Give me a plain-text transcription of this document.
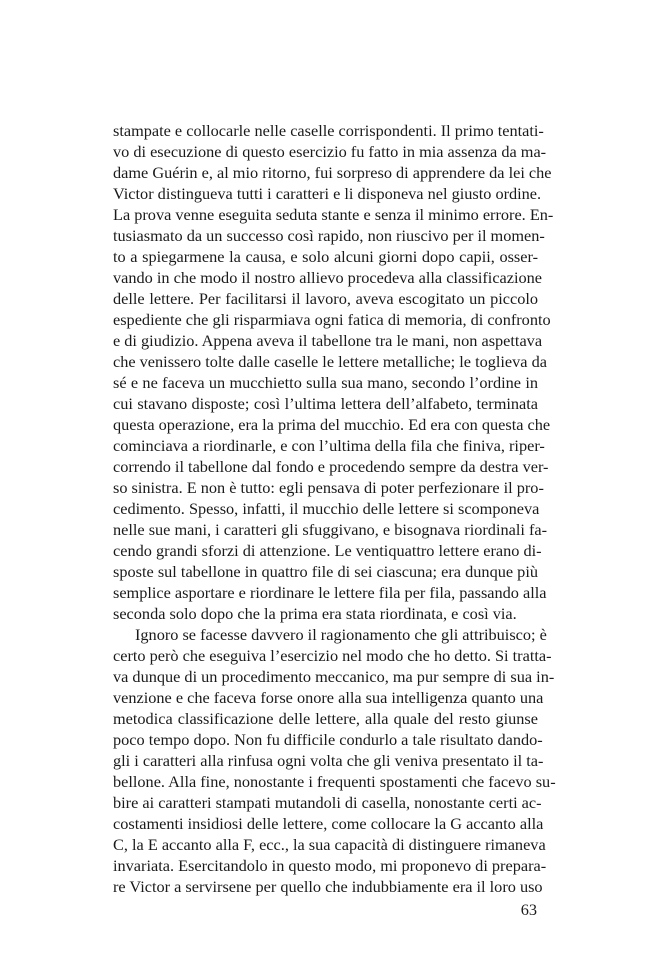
stampate e collocarle nelle caselle corrispondenti. Il primo tentati-
vo di esecuzione di questo esercizio fu fatto in mia assenza da ma-
dame Guérin e, al mio ritorno, fui sorpreso di apprendere da lei che
Victor distingueva tutti i caratteri e li disponeva nel giusto ordine.
La prova venne eseguita seduta stante e senza il minimo errore. En-
tusiasmato da un successo così rapido, non riuscivo per il momen-
to a spiegarmene la causa, e solo alcuni giorni dopo capii, osser-
vando in che modo il nostro allievo procedeva alla classificazione
delle lettere. Per facilitarsi il lavoro, aveva escogitato un piccolo
espediente che gli risparmiava ogni fatica di memoria, di confronto
e di giudizio. Appena aveva il tabellone tra le mani, non aspettava
che venissero tolte dalle caselle le lettere metalliche; le toglieva da
sé e ne faceva un mucchietto sulla sua mano, secondo l’ordine in
cui stavano disposte; così l’ultima lettera dell’alfabeto, terminata
questa operazione, era la prima del mucchio. Ed era con questa che
cominciava a riordinarle, e con l’ultima della fila che finiva, riper-
correndo il tabellone dal fondo e procedendo sempre da destra ver-
so sinistra. E non è tutto: egli pensava di poter perfezionare il pro-
cedimento. Spesso, infatti, il mucchio delle lettere si scomponeva
nelle sue mani, i caratteri gli sfuggivano, e bisognava riordinali fa-
cendo grandi sforzi di attenzione. Le ventiquattro lettere erano di-
sposte sul tabellone in quattro file di sei ciascuna; era dunque più
semplice asportare e riordinare le lettere fila per fila, passando alla
seconda solo dopo che la prima era stata riordinata, e così via.
Ignoro se facesse davvero il ragionamento che gli attribuisco; è
certo però che eseguiva l’esercizio nel modo che ho detto. Si tratta-
va dunque di un procedimento meccanico, ma pur sempre di sua in-
venzione e che faceva forse onore alla sua intelligenza quanto una
metodica classificazione delle lettere, alla quale del resto giunse
poco tempo dopo. Non fu difficile condurlo a tale risultato dando-
gli i caratteri alla rinfusa ogni volta che gli veniva presentato il ta-
bellone. Alla fine, nonostante i frequenti spostamenti che facevo su-
bire ai caratteri stampati mutandoli di casella, nonostante certi ac-
costamenti insidiosi delle lettere, come collocare la G accanto alla
C, la E accanto alla F, ecc., la sua capacità di distinguere rimaneva
invariata. Esercitandolo in questo modo, mi proponevo di prepara-
re Victor a servirsene per quello che indubbiamente era il loro uso
63
